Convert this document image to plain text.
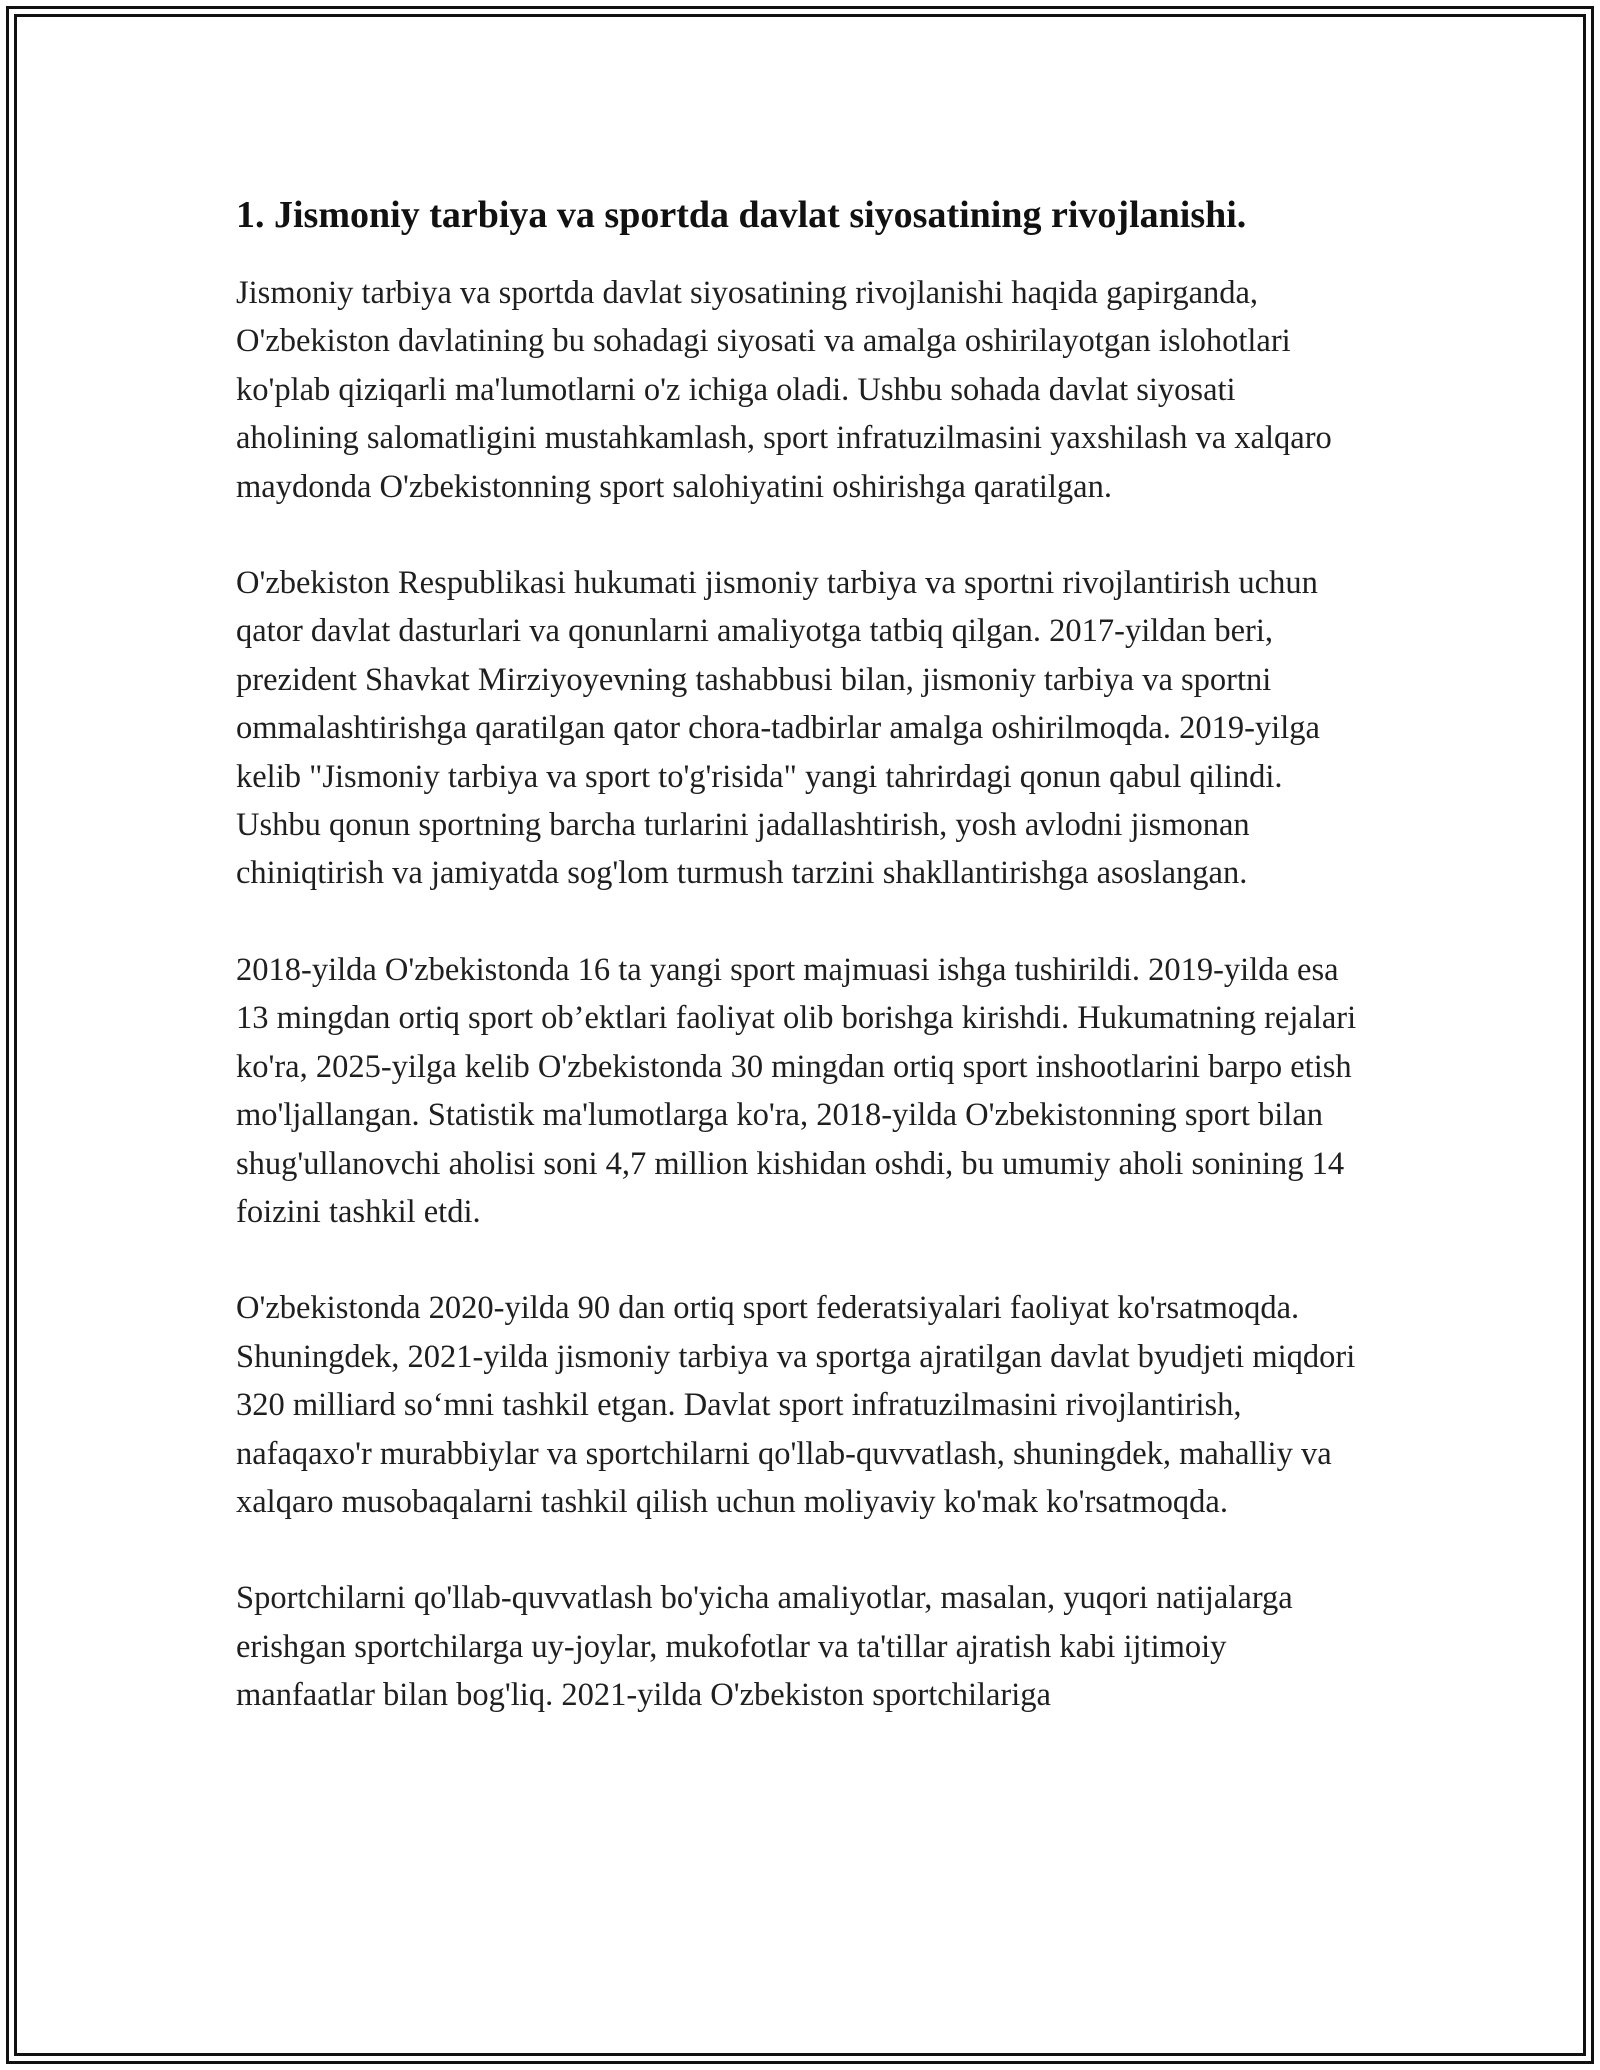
1. Jismoniy tarbiya va sportda davlat siyosatining rivojlanishi.

Jismoniy tarbiya va sportda davlat siyosatining rivojlanishi haqida gapirganda, O'zbekiston davlatining bu sohadagi siyosati va amalga oshirilayotgan islohotlari ko'plab qiziqarli ma'lumotlarni o'z ichiga oladi. Ushbu sohada davlat siyosati aholining salomatligini mustahkamlash, sport infratuzilmasini yaxshilash va xalqaro maydonda O'zbekistonning sport salohiyatini oshirishga qaratilgan.

O'zbekiston Respublikasi hukumati jismoniy tarbiya va sportni rivojlantirish uchun qator davlat dasturlari va qonunlarni amaliyotga tatbiq qilgan. 2017-yildan beri, prezident Shavkat Mirziyoyevning tashabbusi bilan, jismoniy tarbiya va sportni ommalashtirishga qaratilgan qator chora-tadbirlar amalga oshirilmoqda. 2019-yilga kelib "Jismoniy tarbiya va sport to'g'risida" yangi tahrirdagi qonun qabul qilindi. Ushbu qonun sportning barcha turlarini jadallashtirish, yosh avlodni jismonan chiniqtirish va jamiyatda sog'lom turmush tarzini shakllantirishga asoslangan.

2018-yilda O'zbekistonda 16 ta yangi sport majmuasi ishga tushirildi. 2019-yilda esa 13 mingdan ortiq sport ob’ektlari faoliyat olib borishga kirishdi. Hukumatning rejalari ko'ra, 2025-yilga kelib O'zbekistonda 30 mingdan ortiq sport inshootlarini barpo etish mo'ljallangan. Statistik ma'lumotlarga ko'ra, 2018-yilda O'zbekistonning sport bilan shug'ullanovchi aholisi soni 4,7 million kishidan oshdi, bu umumiy aholi sonining 14 foizini tashkil etdi.

O'zbekistonda 2020-yilda 90 dan ortiq sport federatsiyalari faoliyat ko'rsatmoqda. Shuningdek, 2021-yilda jismoniy tarbiya va sportga ajratilgan davlat byudjeti miqdori 320 milliard so‘mni tashkil etgan. Davlat sport infratuzilmasini rivojlantirish, nafaqaxo'r murabbiylar va sportchilarni qo'llab-quvvatlash, shuningdek, mahalliy va xalqaro musobaqalarni tashkil qilish uchun moliyaviy ko'mak ko'rsatmoqda.

Sportchilarni qo'llab-quvvatlash bo'yicha amaliyotlar, masalan, yuqori natijalarga erishgan sportchilarga uy-joylar, mukofotlar va ta'tillar ajratish kabi ijtimoiy manfaatlar bilan bog'liq. 2021-yilda O'zbekiston sportchilariga
